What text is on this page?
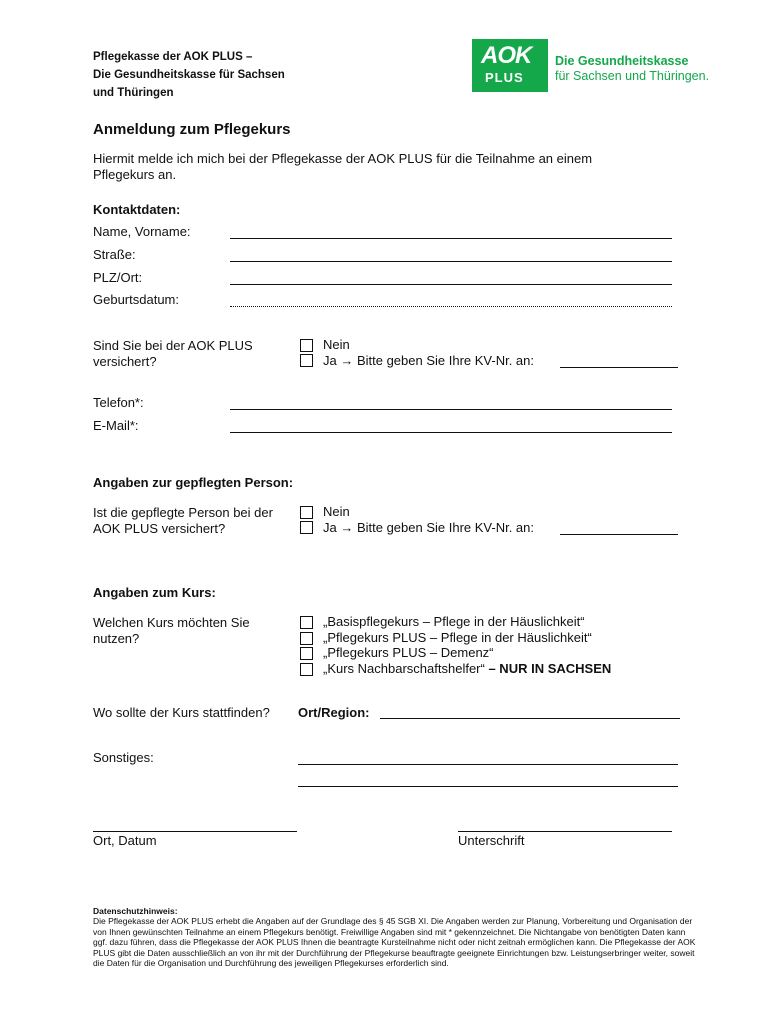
Pflegekasse der AOK PLUS –
Die Gesundheitskasse für Sachsen
und Thüringen
AOK
PLUS
Die Gesundheitskasse
für Sachsen und Thüringen.
Anmeldung zum Pflegekurs
Hiermit melde ich mich bei der Pflegekasse der AOK PLUS für die Teilnahme an einem Pflegekurs an.
Kontaktdaten:
Name, Vorname:
Straße:
PLZ/Ort:
Geburtsdatum:
Sind Sie bei der AOK PLUS versichert?
Nein
Ja → Bitte geben Sie Ihre KV-Nr. an:
Telefon*:
E-Mail*:
Angaben zur gepflegten Person:
Ist die gepflegte Person bei der AOK PLUS versichert?
Nein
Ja → Bitte geben Sie Ihre KV-Nr. an:
Angaben zum Kurs:
Welchen Kurs möchten Sie nutzen?
„Basispflegekurs – Pflege in der Häuslichkeit“
„Pflegekurs PLUS – Pflege in der Häuslichkeit“
„Pflegekurs PLUS – Demenz“
„Kurs Nachbarschaftshelfer“ – NUR IN SACHSEN
Wo sollte der Kurs stattfinden? Ort/Region:
Sonstiges:
Ort, Datum	Unterschrift
Datenschutzhinweis:
Die Pflegekasse der AOK PLUS erhebt die Angaben auf der Grundlage des § 45 SGB XI. Die Angaben werden zur Planung, Vorbereitung und Organisation der von Ihnen gewünschten Teilnahme an einem Pflegekurs benötigt. Freiwillige Angaben sind mit * gekennzeichnet. Die Nichtangabe von benötigten Daten kann ggf. dazu führen, dass die Pflegekasse der AOK PLUS Ihnen die beantragte Kursteilnahme nicht oder nicht zeitnah ermöglichen kann. Die Pflegekasse der AOK PLUS gibt die Daten ausschließlich an von ihr mit der Durchführung der Pflegekurse beauftragte geeignete Einrichtungen bzw. Leistungserbringer weiter, soweit die Daten für die Organisation und Durchführung des jeweiligen Pflegekurses erforderlich sind.
